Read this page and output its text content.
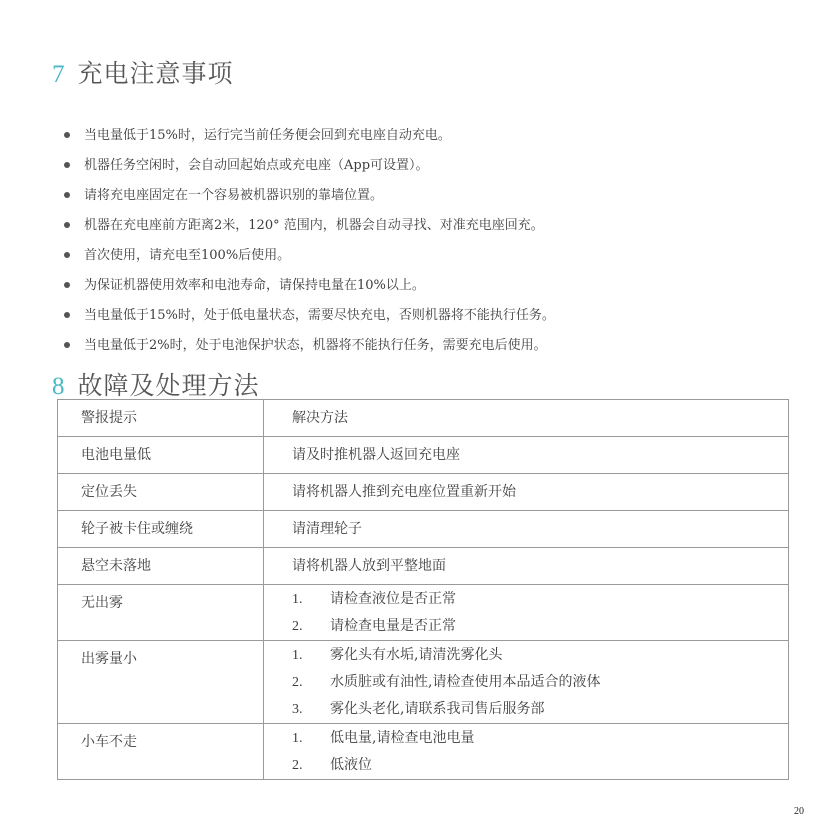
7 充电注意事项
当电量低于15%时，运行完当前任务便会回到充电座自动充电。
机器任务空闲时，会自动回起始点或充电座（App可设置）。
请将充电座固定在一个容易被机器识别的靠墙位置。
机器在充电座前方距离2米，120° 范围内，机器会自动寻找、对准充电座回充。
首次使用，请充电至100%后使用。
为保证机器使用效率和电池寿命，请保持电量在10%以上。
当电量低于15%时，处于低电量状态，需要尽快充电，否则机器将不能执行任务。
当电量低于2%时，处于电池保护状态，机器将不能执行任务，需要充电后使用。
8 故障及处理方法
警报提示	解决方法

电池电量低	请及时推机器人返回充电座

定位丢失	请将机器人推到充电座位置重新开始

轮子被卡住或缠绕	请清理轮子

悬空未落地	请将机器人放到平整地面

无出雾	1. 请检查液位是否正常
2. 请检查电量是否正常

出雾量小	1. 雾化头有水垢,请清洗雾化头
2. 水质脏或有油性,请检查使用本品适合的液体
3. 雾化头老化,请联系我司售后服务部

小车不走	1. 低电量,请检查电池电量
2. 低液位
20
